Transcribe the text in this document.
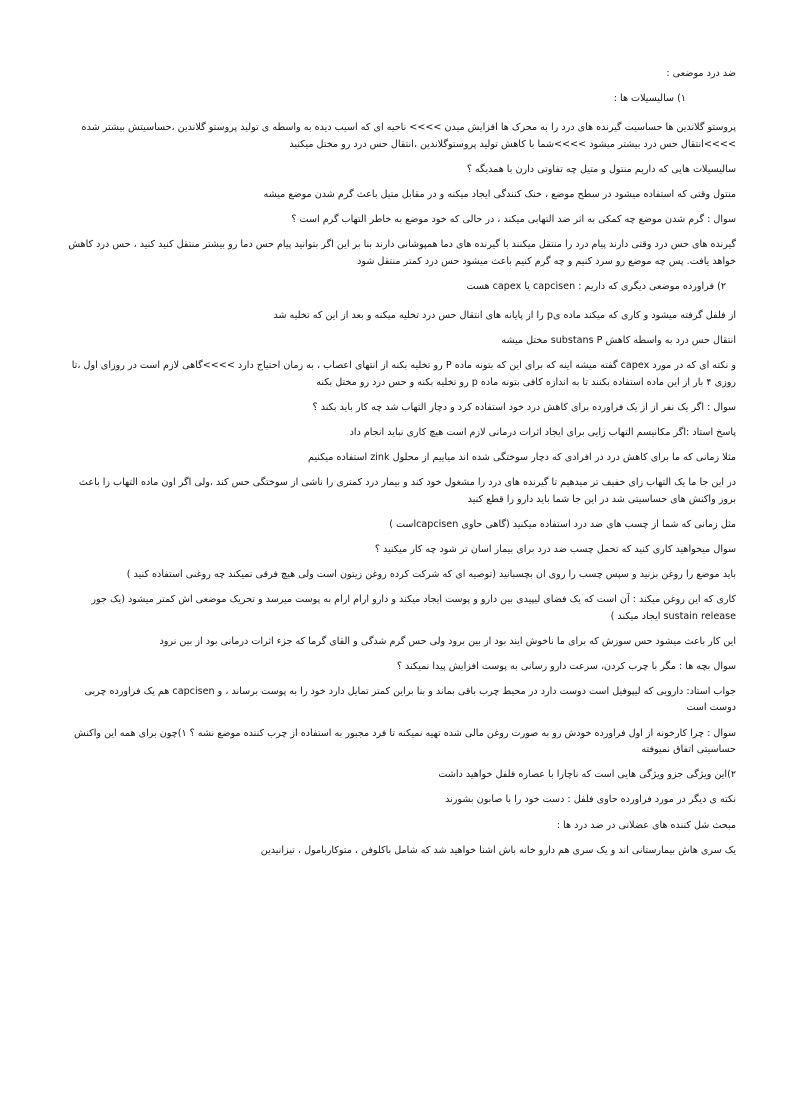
ضد درد موضعی :

۱) سالیسیلات ها :

پروستو گلاندین ها حساسیت گیرنده های درد را به محرک ها افزایش میدن >>>> ناحیه ای که اسیب دیده به واسطه ی تولید پروستو گلاندین ،حساسیتش بیشتر شده >>>>انتقال حس درد بیشتر میشود >>>>شما با کاهش تولید پروستوگلاندین ،انتقال حس درد رو مختل میکنید

سالیسیلات هایی که داریم منتول و متیل چه تفاوتی دارن با همدیگه ؟

منتول وقتی که استفاده میشود در سطح موضع ، خنک کنندگی ایجاد میکنه و در مقابل متیل باعث گرم شدن موضع میشه

سوال : گرم شدن موضع چه کمکی به اثر ضد التهابی میکند ، در حالی که خود موضع به خاطر التهاب گرم است ؟

گیرنده های حس درد وقتی دارند پیام درد را منتقل میکنند با گیرنده های دما همپوشانی دارند بنا بر این اگر بتوانید پیام حس دما رو بیشتر منتقل کنید کنید ، حس درد کاهش خواهد یافت. پس چه موضع رو سرد کنیم و چه گرم کنیم باعث میشود حس درد کمتر منتقل شود

۲) فراورده موضعی دیگری که داریم : capcisen یا capex هست

از فلفل گرفته میشود و کاری که میکند ماده یp را از پایانه های انتقال حس درد تخلیه میکنه و بعد از این که تخلیه شد

انتقال حس درد به واسطه کاهش substans P مختل میشه

و نکته ای که در مورد capex گفته میشه اینه که برای این که بتونه ماده P رو تخلیه بکنه از انتهای اعصاب ، به زمان احتیاج دارد >>>>گاهی لازم است در روزای اول ،تا روزی ۴ بار از این ماده استفاده بکنند تا به اندازه کافی بتونه ماده p رو تخلیه بکنه و حس درد رو مختل بکنه

سوال : اگر یک نفر از از یک فراورده برای کاهش درد خود استفاده کرد و دچار التهاب شد چه کار باید بکند ؟

پاسخ استاد :اگر مکانیسم التهاب زایی برای ایجاد اثرات درمانی لازم است هیچ کاری نباید انجام داد

مثلا زمانی که ما برای کاهش درد در افرادی که دچار سوختگی شده اند میاییم از محلول zink استفاده میکنیم

در این جا ما یک التهاب زای خفیف تر میدهیم تا گیرنده های درد را مشغول خود کند و بیمار درد کمتری را ناشی از سوختگی حس کند ،ولی اگر اون ماده التهاب زا باعث بروز واکنش های حساسیتی شد در این جا شما باید دارو را قطع کنید

مثل زمانی که شما از چسب های ضد درد استفاده میکنید (گاهی حاوی capcisenاست )

سوال میخواهید کاری کنید که تحمل چسب ضد درد برای بیمار اسان تر شود چه کار میکنید ؟

باید موضع را روغن بزنید و سپس چسب را روی ان بچسبانید (توصیه ای که شرکت کرده روغن زیتون است ولی هیچ فرقی نمیکند چه روغنی استفاده کنید )

کاری که این روغن میکند : آن است که یک فضای لیپیدی بین دارو و پوست ایجاد میکند و دارو ارام ارام به پوست میرسد و تحریک موضعی اش کمتر میشود (یک جور sustain release ایجاد میکند )

این کار باعث میشود حس سوزش که برای ما ناخوش ایند بود از بین برود ولی حس گرم شدگی و القای گرما که جزء اثرات درمانی بود از بین نرود

سوال بچه ها : مگر با چرب کردن، سرعت دارو رسانی به پوست افزایش پیدا نمیکند ؟

جواب استاد: دارویی که لیپوفیل است دوست دارد در محیط چرب باقی بماند و بنا براین کمتر تمایل دارد خود را به پوست برساند ، و capcisen هم یک فراورده چربی دوست است

سوال : چرا کارخونه از اول فراورده خودش رو به صورت روغن مالی شده تهیه نمیکنه تا فرد مجبور به استفاده از چرب کننده موضع نشه ؟ ۱)چون برای همه این واکنش حساسیتی اتفاق نمیوفته

۲)این ویژگی جزو ویژگی هایی است که ناچارا با عصاره فلفل خواهید داشت

نکته ی دیگر در مورد فراورده حاوی فلفل : دست خود را با صابون بشورند

مبحث شل کننده های عضلانی در ضد درد ها :

یک سری هاش بیمارستانی اند و یک سری هم دارو خانه باش اشنا خواهید شد که شامل باکلوفن ، متوکاربامول ، تیزانیدین
